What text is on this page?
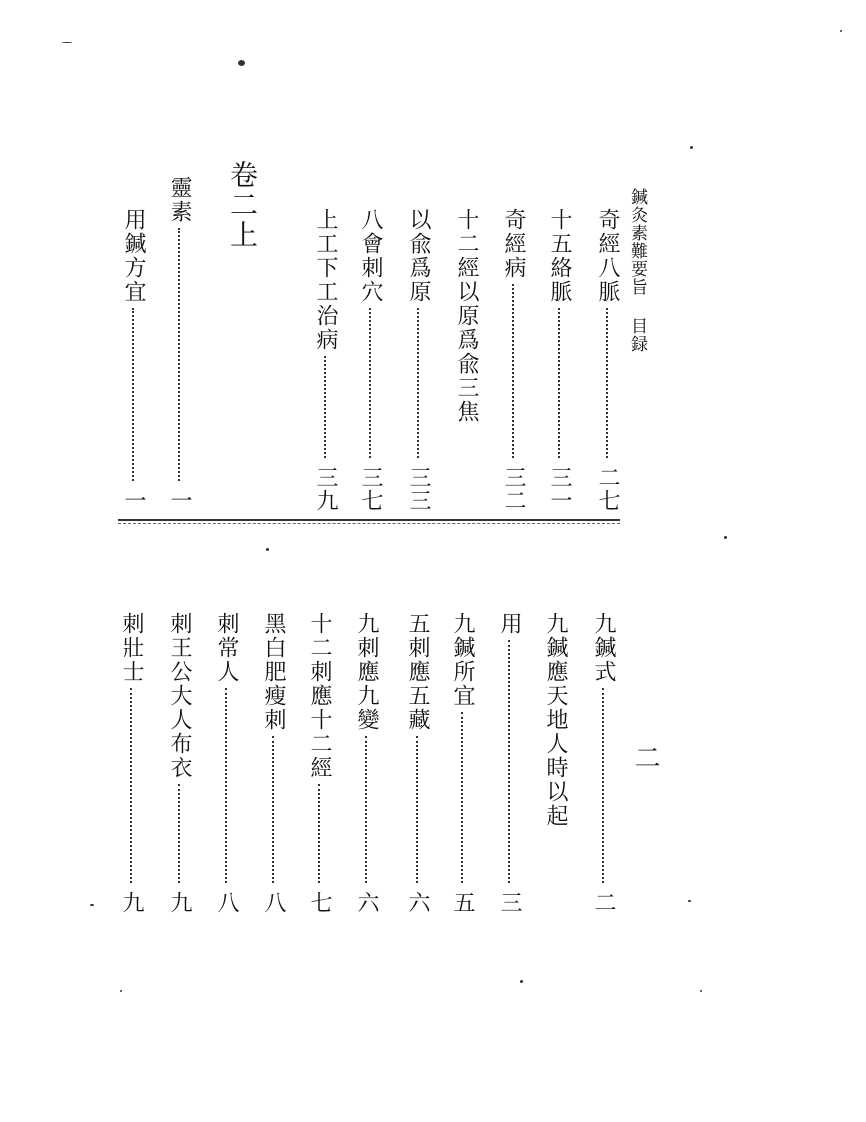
鍼灸素難要旨 目録
二
卷二上
奇經八脈
二七
十五絡脈
三一
奇經病
三二
十二經以原爲兪三焦
以兪爲原
三三
八會刺穴
三七
上工下工治病
三九
靈素
一
用鍼方宜
一
九鍼式
二
九鍼應天地人時以起
用
三
九鍼所宜
五
五刺應五藏
六
九刺應九變
六
十二刺應十二經
七
黑白肥瘦刺
八
刺常人
八
刺王公大人布衣
九
刺壯士
九
